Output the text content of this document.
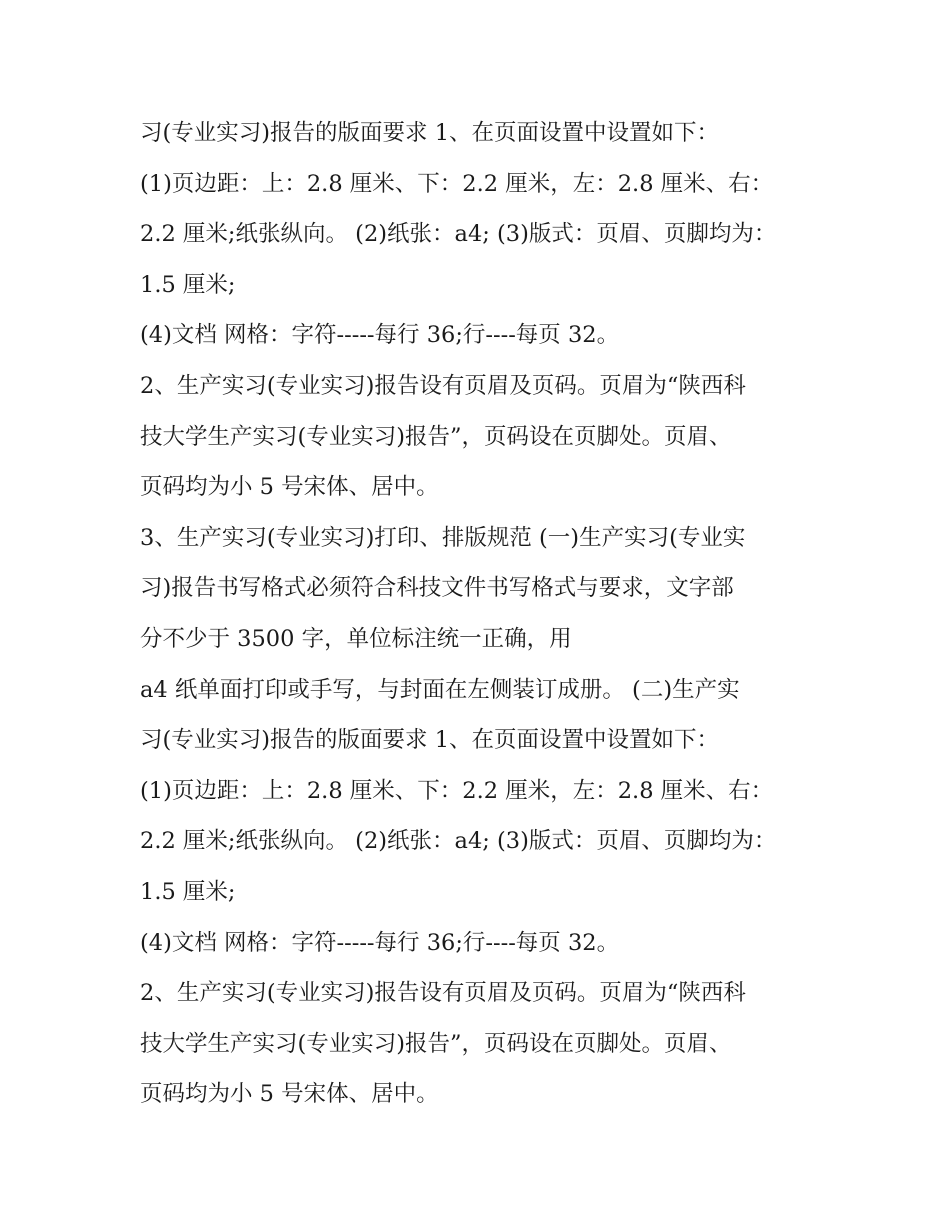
习(专业实习)报告的版面要求 1、在页面设置中设置如下：
(1)页边距：上：2.8 厘米、下：2.2 厘米，左：2.8 厘米、右：
2.2 厘米;纸张纵向。 (2)纸张：a4; (3)版式：页眉、页脚均为：
1.5 厘米;
(4)文档 网格：字符-----每行 36;行----每页 32。
2、生产实习(专业实习)报告设有页眉及页码。页眉为“陕西科
技大学生产实习(专业实习)报告”，页码设在页脚处。页眉、
页码均为小 5 号宋体、居中。
3、生产实习(专业实习)打印、排版规范 (一)生产实习(专业实
习)报告书写格式必须符合科技文件书写格式与要求，文字部
分不少于 3500 字，单位标注统一正确，用
a4 纸单面打印或手写，与封面在左侧装订成册。 (二)生产实
习(专业实习)报告的版面要求 1、在页面设置中设置如下：
(1)页边距：上：2.8 厘米、下：2.2 厘米，左：2.8 厘米、右：
2.2 厘米;纸张纵向。 (2)纸张：a4; (3)版式：页眉、页脚均为：
1.5 厘米;
(4)文档 网格：字符-----每行 36;行----每页 32。
2、生产实习(专业实习)报告设有页眉及页码。页眉为“陕西科
技大学生产实习(专业实习)报告”，页码设在页脚处。页眉、
页码均为小 5 号宋体、居中。
